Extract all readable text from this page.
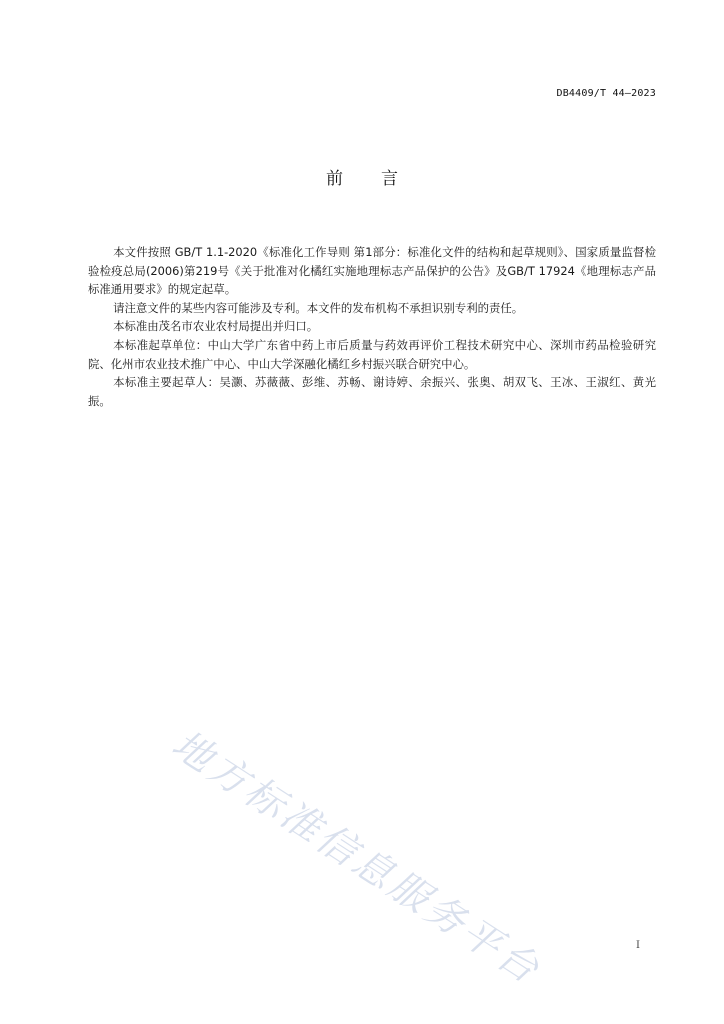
DB4409/T 44—2023
前言

本文件按照 GB/T 1.1-2020《标准化工作导则 第1部分：标准化文件的结构和起草规则》、国家质量监督检验检疫总局(2006)第219号《关于批准对化橘红实施地理标志产品保护的公告》及GB/T 17924《地理标志产品标准通用要求》的规定起草。

请注意文件的某些内容可能涉及专利。本文件的发布机构不承担识别专利的责任。

本标准由茂名市农业农村局提出并归口。

本标准起草单位：中山大学广东省中药上市后质量与药效再评价工程技术研究中心、深圳市药品检验研究院、化州市农业技术推广中心、中山大学深融化橘红乡村振兴联合研究中心。

本标准主要起草人：吴灏、苏薇薇、彭维、苏畅、谢诗婷、余振兴、张奥、胡双飞、王冰、王淑红、黄光振。

地方标准信息服务平台	I
